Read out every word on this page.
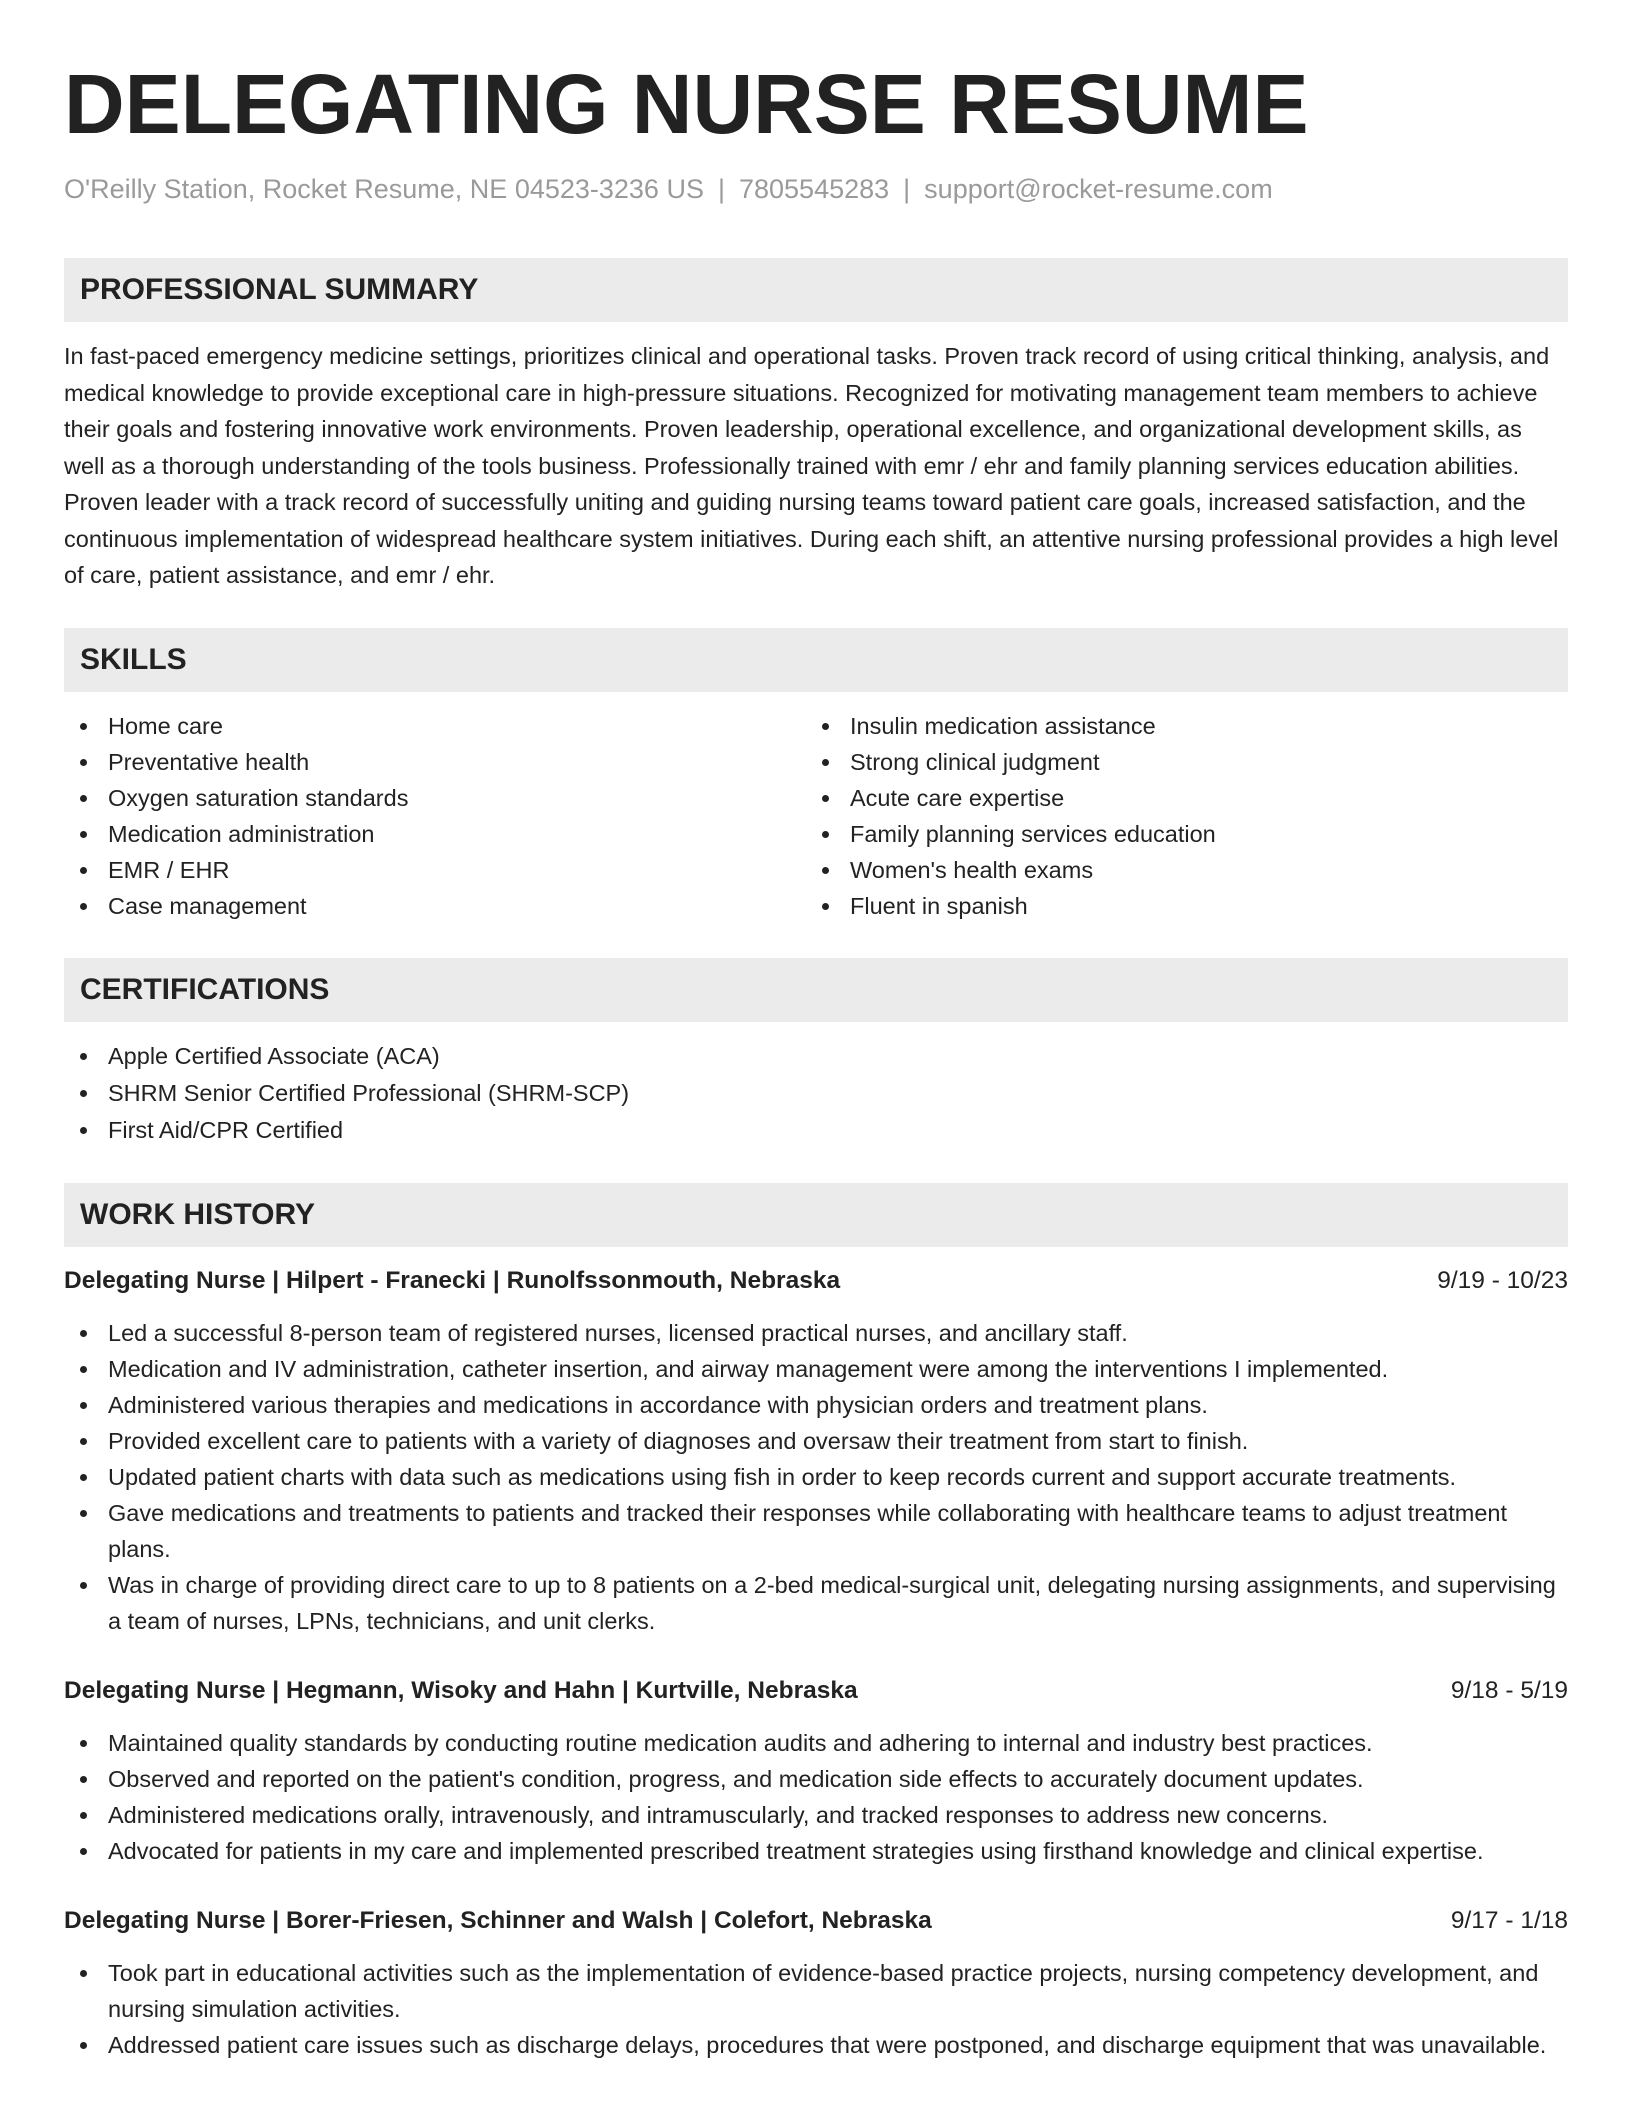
DELEGATING NURSE RESUME
O'Reilly Station, Rocket Resume, NE 04523-3236 US | 7805545283 | support@rocket-resume.com
PROFESSIONAL SUMMARY

In fast-paced emergency medicine settings, prioritizes clinical and operational tasks. Proven track record of using critical thinking, analysis, and medical knowledge to provide exceptional care in high-pressure situations. Recognized for motivating management team members to achieve their goals and fostering innovative work environments. Proven leadership, operational excellence, and organizational development skills, as well as a thorough understanding of the tools business. Professionally trained with emr / ehr and family planning services education abilities. Proven leader with a track record of successfully uniting and guiding nursing teams toward patient care goals, increased satisfaction, and the continuous implementation of widespread healthcare system initiatives. During each shift, an attentive nursing professional provides a high level of care, patient assistance, and emr / ehr.

SKILLS
Home care
Preventative health
Oxygen saturation standards
Medication administration
EMR / EHR
Case management
Insulin medication assistance
Strong clinical judgment
Acute care expertise
Family planning services education
Women's health exams
Fluent in spanish
CERTIFICATIONS
Apple Certified Associate (ACA)
SHRM Senior Certified Professional (SHRM-SCP)
First Aid/CPR Certified
WORK HISTORY
Delegating Nurse | Hilpert - Franecki | Runolfssonmouth, Nebraska	9/19 - 10/23
Led a successful 8-person team of registered nurses, licensed practical nurses, and ancillary staff.
Medication and IV administration, catheter insertion, and airway management were among the interventions I implemented.
Administered various therapies and medications in accordance with physician orders and treatment plans.
Provided excellent care to patients with a variety of diagnoses and oversaw their treatment from start to finish.
Updated patient charts with data such as medications using fish in order to keep records current and support accurate treatments.
Gave medications and treatments to patients and tracked their responses while collaborating with healthcare teams to adjust treatment plans.
Was in charge of providing direct care to up to 8 patients on a 2-bed medical-surgical unit, delegating nursing assignments, and supervising a team of nurses, LPNs, technicians, and unit clerks.
Delegating Nurse | Hegmann, Wisoky and Hahn | Kurtville, Nebraska	9/18 - 5/19
Maintained quality standards by conducting routine medication audits and adhering to internal and industry best practices.
Observed and reported on the patient's condition, progress, and medication side effects to accurately document updates.
Administered medications orally, intravenously, and intramuscularly, and tracked responses to address new concerns.
Advocated for patients in my care and implemented prescribed treatment strategies using firsthand knowledge and clinical expertise.
Delegating Nurse | Borer-Friesen, Schinner and Walsh | Colefort, Nebraska	9/17 - 1/18
Took part in educational activities such as the implementation of evidence-based practice projects, nursing competency development, and nursing simulation activities.
Addressed patient care issues such as discharge delays, procedures that were postponed, and discharge equipment that was unavailable.
